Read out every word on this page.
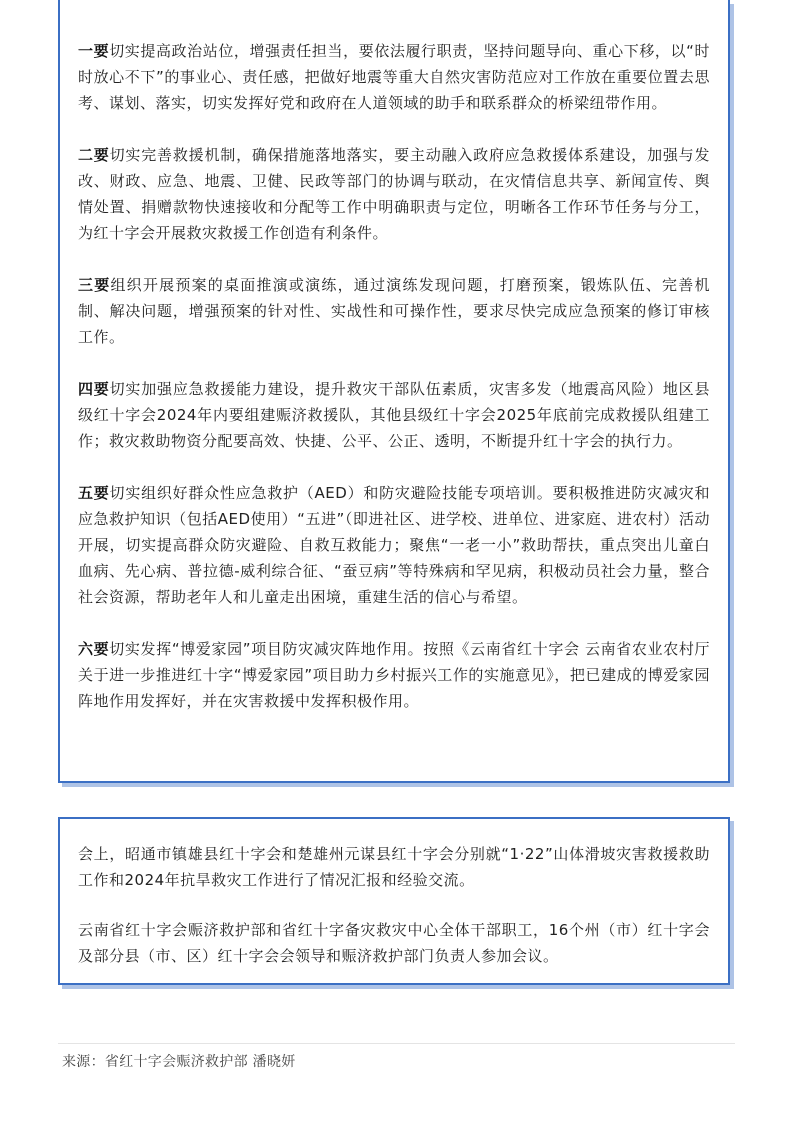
一要切实提高政治站位，增强责任担当，要依法履行职责，坚持问题导向、重心下移，以“时时放心不下”的事业心、责任感，把做好地震等重大自然灾害防范应对工作放在重要位置去思考、谋划、落实，切实发挥好党和政府在人道领域的助手和联系群众的桥梁纽带作用。

二要切实完善救援机制，确保措施落地落实，要主动融入政府应急救援体系建设，加强与发改、财政、应急、地震、卫健、民政等部门的协调与联动，在灾情信息共享、新闻宣传、舆情处置、捐赠款物快速接收和分配等工作中明确职责与定位，明晰各工作环节任务与分工，为红十字会开展救灾救援工作创造有利条件。

三要组织开展预案的桌面推演或演练，通过演练发现问题，打磨预案，锻炼队伍、完善机制、解决问题，增强预案的针对性、实战性和可操作性，要求尽快完成应急预案的修订审核工作。

四要切实加强应急救援能力建设，提升救灾干部队伍素质，灾害多发（地震高风险）地区县级红十字会2024年内要组建赈济救援队，其他县级红十字会2025年底前完成救援队组建工作；救灾救助物资分配要高效、快捷、公平、公正、透明，不断提升红十字会的执行力。

五要切实组织好群众性应急救护（AED）和防灾避险技能专项培训。要积极推进防灾减灾和应急救护知识（包括AED使用）“五进”（即进社区、进学校、进单位、进家庭、进农村）活动开展，切实提高群众防灾避险、自救互救能力；聚焦“一老一小”救助帮扶，重点突出儿童白血病、先心病、普拉德-威利综合征、“蚕豆病”等特殊病和罕见病，积极动员社会力量，整合社会资源，帮助老年人和儿童走出困境，重建生活的信心与希望。

六要切实发挥“博爱家园”项目防灾减灾阵地作用。按照《云南省红十字会 云南省农业农村厅关于进一步推进红十字“博爱家园”项目助力乡村振兴工作的实施意见》，把已建成的博爱家园阵地作用发挥好，并在灾害救援中发挥积极作用。

会上，昭通市镇雄县红十字会和楚雄州元谋县红十字会分别就“1·22”山体滑坡灾害救援救助工作和2024年抗旱救灾工作进行了情况汇报和经验交流。

云南省红十字会赈济救护部和省红十字备灾救灾中心全体干部职工，16个州（市）红十字会及部分县（市、区）红十字会会领导和赈济救护部门负责人参加会议。

来源：省红十字会赈济救护部 潘晓妍
